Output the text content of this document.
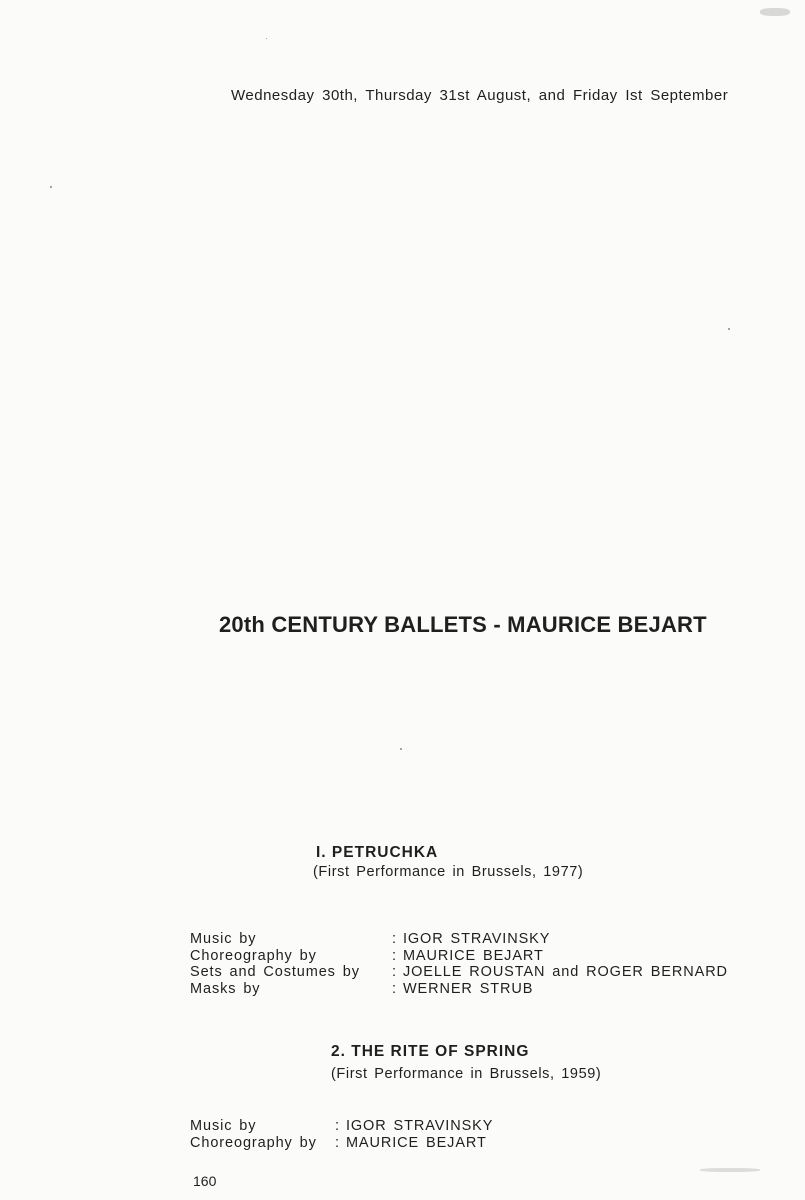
Wednesday 30th, Thursday 31st August, and Friday Ist September
20th CENTURY BALLETS - MAURICE BEJART
I. PETRUCHKA
(First Performance in Brussels, 1977)
Music by	: IGOR STRAVINSKY
Choreography by	: MAURICE BEJART
Sets and Costumes by : JOELLE ROUSTAN and ROGER BERNARD
Masks by	: WERNER STRUB
2. THE RITE OF SPRING
(First Performance in Brussels, 1959)
Music by	: IGOR STRAVINSKY
Choreography by : MAURICE BEJART
160
